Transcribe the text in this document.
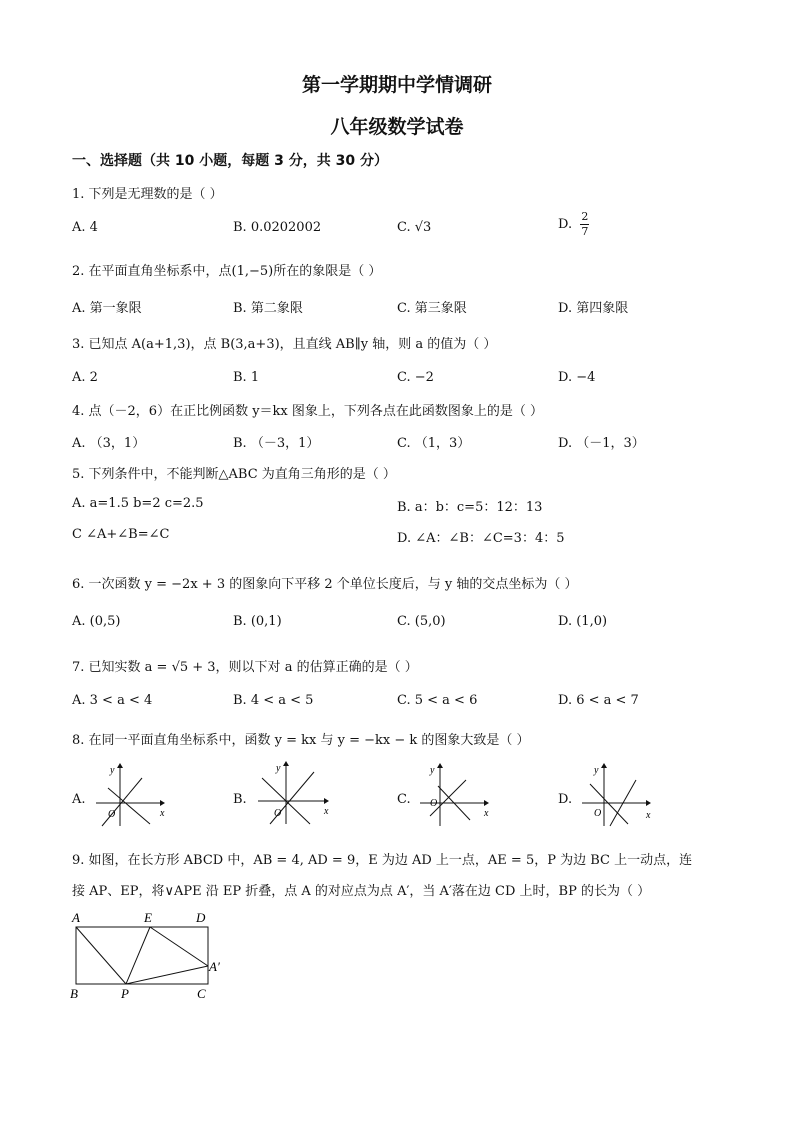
第一学期期中学情调研
八年级数学试卷
一、选择题（共 10 小题，每题 3 分，共 30 分）
1. 下列是无理数的是（ ）
A. 4	B. 0.0202002	C. √3	D. $\frac{2}{7}$
2. 在平面直角坐标系中，点(1,−5)所在的象限是（ ）
A. 第一象限	B. 第二象限	C. 第三象限	D. 第四象限
3. 已知点 A(a+1,3)，点 B(3,a+3)，且直线 AB∥y 轴，则 a 的值为（ ）
A. 2	B. 1	C. −2	D. −4
4. 点（－2，6）在正比例函数 y＝kx 图象上，下列各点在此函数图象上的是（ ）
A. （3，1）	B. （－3，1）	C. （1，3）	D. （－1，3）
5. 下列条件中，不能判断△ABC 为直角三角形的是（ ）
A. a=1.5 b=2 c=2.5	B. a：b：c=5：12：13
C ∠A+∠B=∠C	D. ∠A：∠B：∠C=3：4：5
6. 一次函数 y = −2x + 3 的图象向下平移 2 个单位长度后，与 y 轴的交点坐标为（ ）
A. (0,5)	B. (0,1)	C. (5,0)	D. (1,0)
7. 已知实数 a = √5 + 3，则以下对 a 的估算正确的是（ ）
A. 3 < a < 4	B. 4 < a < 5	C. 5 < a < 6	D. 6 < a < 7
8. 在同一平面直角坐标系中，函数 y = kx 与 y = −kx − k 的图象大致是（ ）
A.	B.	C.	D.
y
x
O
y
x
O
y
x
O
y
x
O
9. 如图，在长方形 ABCD 中，AB = 4, AD = 9，E 为边 AD 上一点，AE = 5，P 为边 BC 上一动点，连
接 AP、EP，将∨APE 沿 EP 折叠，点 A 的对应点为点 A′，当 A′落在边 CD 上时，BP 的长为（ ）
A	E	D
A′
B	P	C
